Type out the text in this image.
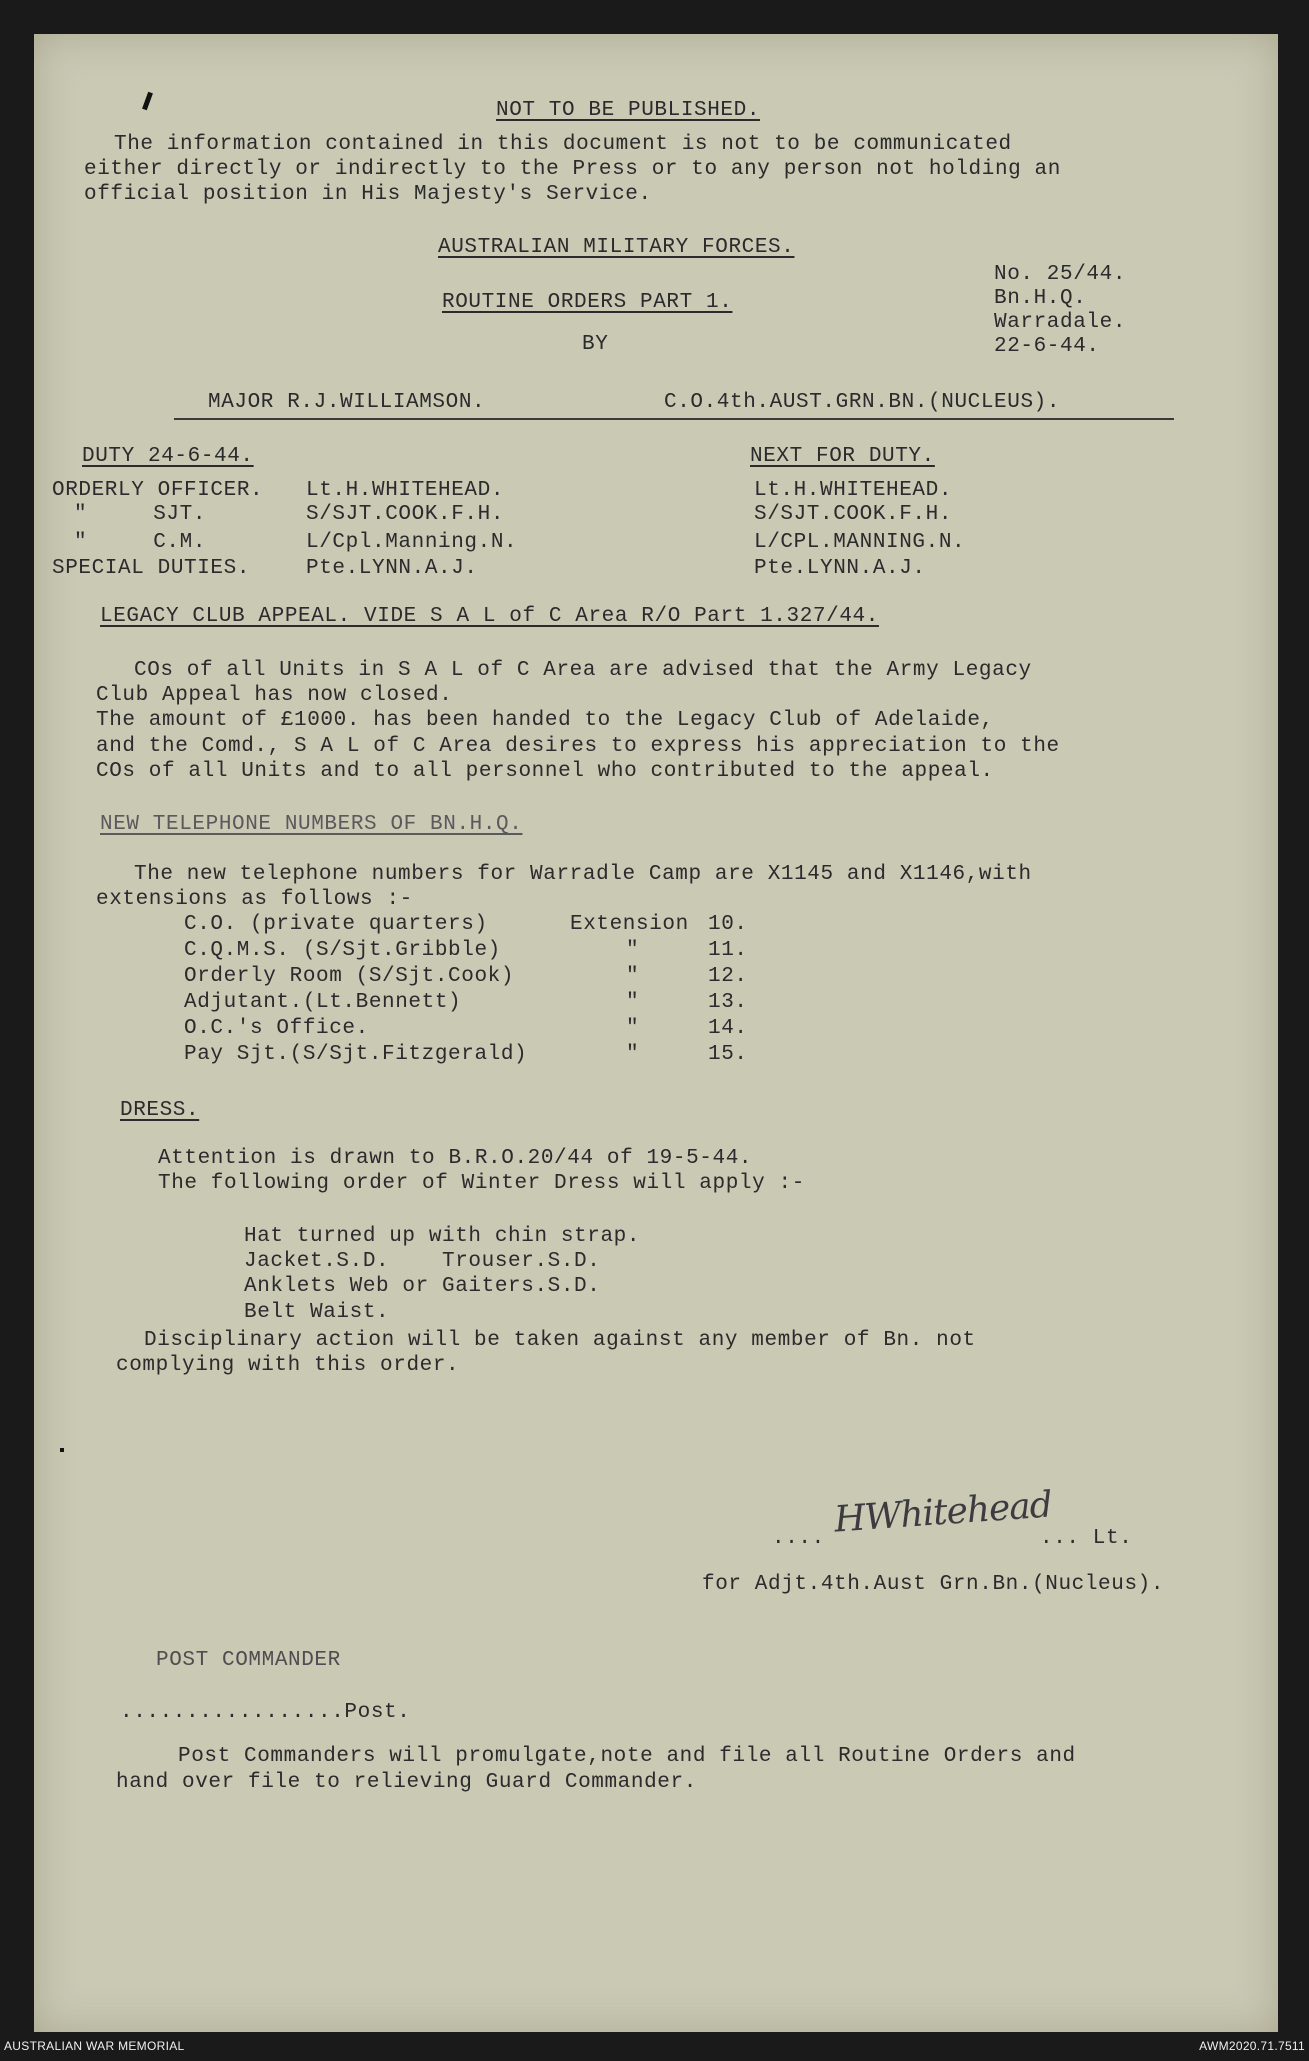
NOT TO BE PUBLISHED.
The information contained in this document is not to be communicated
either directly or indirectly to the Press or to any person not holding an
official position in His Majesty's Service.
AUSTRALIAN MILITARY FORCES.
ROUTINE ORDERS PART 1.
BY
No. 25/44.
Bn.H.Q.
Warradale.
22-6-44.
MAJOR R.J.WILLIAMSON.	C.O.4th.AUST.GRN.BN.(NUCLEUS).
DUTY 24-6-44.	NEXT FOR DUTY.
ORDERLY OFFICER. Lt.H.WHITEHEAD.	Lt.H.WHITEHEAD.
"     SJT.	S/SJT.COOK.F.H.	S/SJT.COOK.F.H.
"     C.M.	L/Cpl.Manning.N.	L/CPL.MANNING.N.
SPECIAL DUTIES.	Pte.LYNN.A.J.	Pte.LYNN.A.J.
LEGACY CLUB APPEAL. VIDE S A L of C Area R/O Part 1.327/44.
COs of all Units in S A L of C Area are advised that the Army Legacy
Club Appeal has now closed.
The amount of £1000. has been handed to the Legacy Club of Adelaide,
and the Comd., S A L of C Area desires to express his appreciation to the
COs of all Units and to all personnel who contributed to the appeal.
NEW TELEPHONE NUMBERS OF BN.H.Q.
The new telephone numbers for Warradle Camp are X1145 and X1146,with
extensions as follows :-
C.O. (private quarters)	Extension 10.
C.Q.M.S. (S/Sjt.Gribble)	"	11.
Orderly Room (S/Sjt.Cook)	"	12.
Adjutant.(Lt.Bennett)	"	13.
O.C.'s Office.	"	14.
Pay Sjt.(S/Sjt.Fitzgerald)	"	15.
DRESS.
Attention is drawn to B.R.O.20/44 of 19-5-44.
The following order of Winter Dress will apply :-
Hat turned up with chin strap.
Jacket.S.D.    Trouser.S.D.
Anklets Web or Gaiters.S.D.
Belt Waist.
Disciplinary action will be taken against any member of Bn. not
complying with this order.
.... HWhitehead
... Lt.
for Adjt.4th.Aust Grn.Bn.(Nucleus).
POST COMMANDER
.................Post.
Post Commanders will promulgate,note and file all Routine Orders and
hand over file to relieving Guard Commander.
AUSTRALIAN WAR MEMORIAL	AWM2020.71.7511
